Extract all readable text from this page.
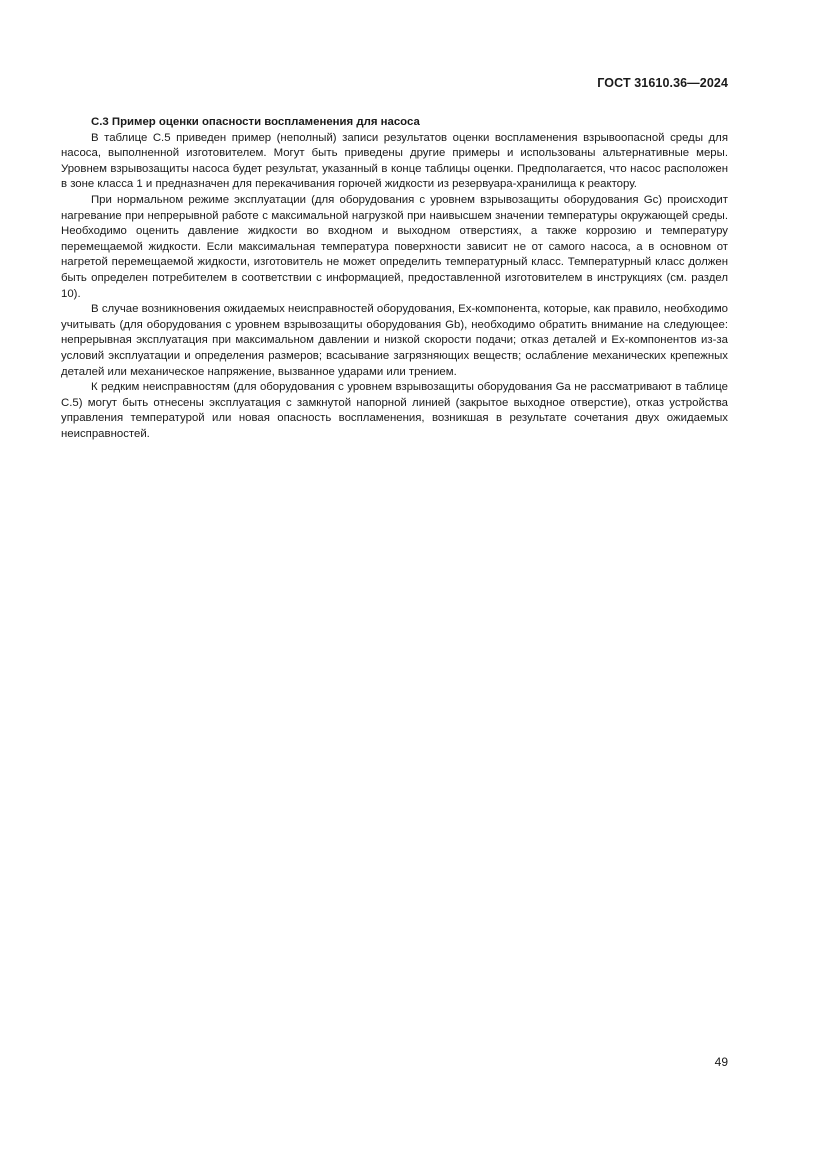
ГОСТ 31610.36—2024

С.3 Пример оценки опасности воспламенения для насоса

В таблице С.5 приведен пример (неполный) записи результатов оценки воспламенения взрывоопасной среды для насоса, выполненной изготовителем. Могут быть приведены другие примеры и использованы альтернативные меры. Уровнем взрывозащиты насоса будет результат, указанный в конце таблицы оценки. Предполагается, что насос расположен в зоне класса 1 и предназначен для перекачивания горючей жидкости из резервуара-хранилища к реактору.

При нормальном режиме эксплуатации (для оборудования с уровнем взрывозащиты оборудования Gc) происходит нагревание при непрерывной работе с максимальной нагрузкой при наивысшем значении температуры окружающей среды. Необходимо оценить давление жидкости во входном и выходном отверстиях, а также коррозию и температуру перемещаемой жидкости. Если максимальная температура поверхности зависит не от самого насоса, а в основном от нагретой перемещаемой жидкости, изготовитель не может определить температурный класс. Температурный класс должен быть определен потребителем в соответствии с информацией, предоставленной изготовителем в инструкциях (см. раздел 10).

В случае возникновения ожидаемых неисправностей оборудования, Ex-компонента, которые, как правило, необходимо учитывать (для оборудования с уровнем взрывозащиты оборудования Gb), необходимо обратить внимание на следующее: непрерывная эксплуатация при максимальном давлении и низкой скорости подачи; отказ деталей и Ex-компонентов из-за условий эксплуатации и определения размеров; всасывание загрязняющих веществ; ослабление механических крепежных деталей или механическое напряжение, вызванное ударами или трением.

К редким неисправностям (для оборудования с уровнем взрывозащиты оборудования Ga не рассматривают в таблице С.5) могут быть отнесены эксплуатация с замкнутой напорной линией (закрытое выходное отверстие), отказ устройства управления температурой или новая опасность воспламенения, возникшая в результате сочетания двух ожидаемых неисправностей.

49
